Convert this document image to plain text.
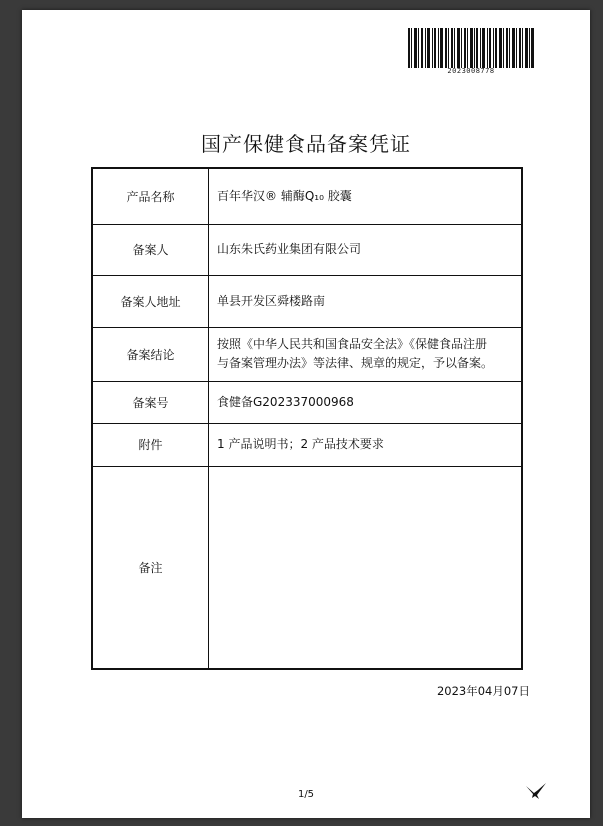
2023008778
国产保健食品备案凭证
产品名称	百年华汉® 辅酶Q₁₀ 胶囊
备案人	山东朱氏药业集团有限公司
备案人地址	单县开发区舜楼路南
备案结论	按照《中华人民共和国食品安全法》《保健食品注册
与备案管理办法》等法律、规章的规定，予以备案。

备案号	食健备G202337000968
附件	1 产品说明书；2 产品技术要求
备注	
2023年04月07日
1/5
